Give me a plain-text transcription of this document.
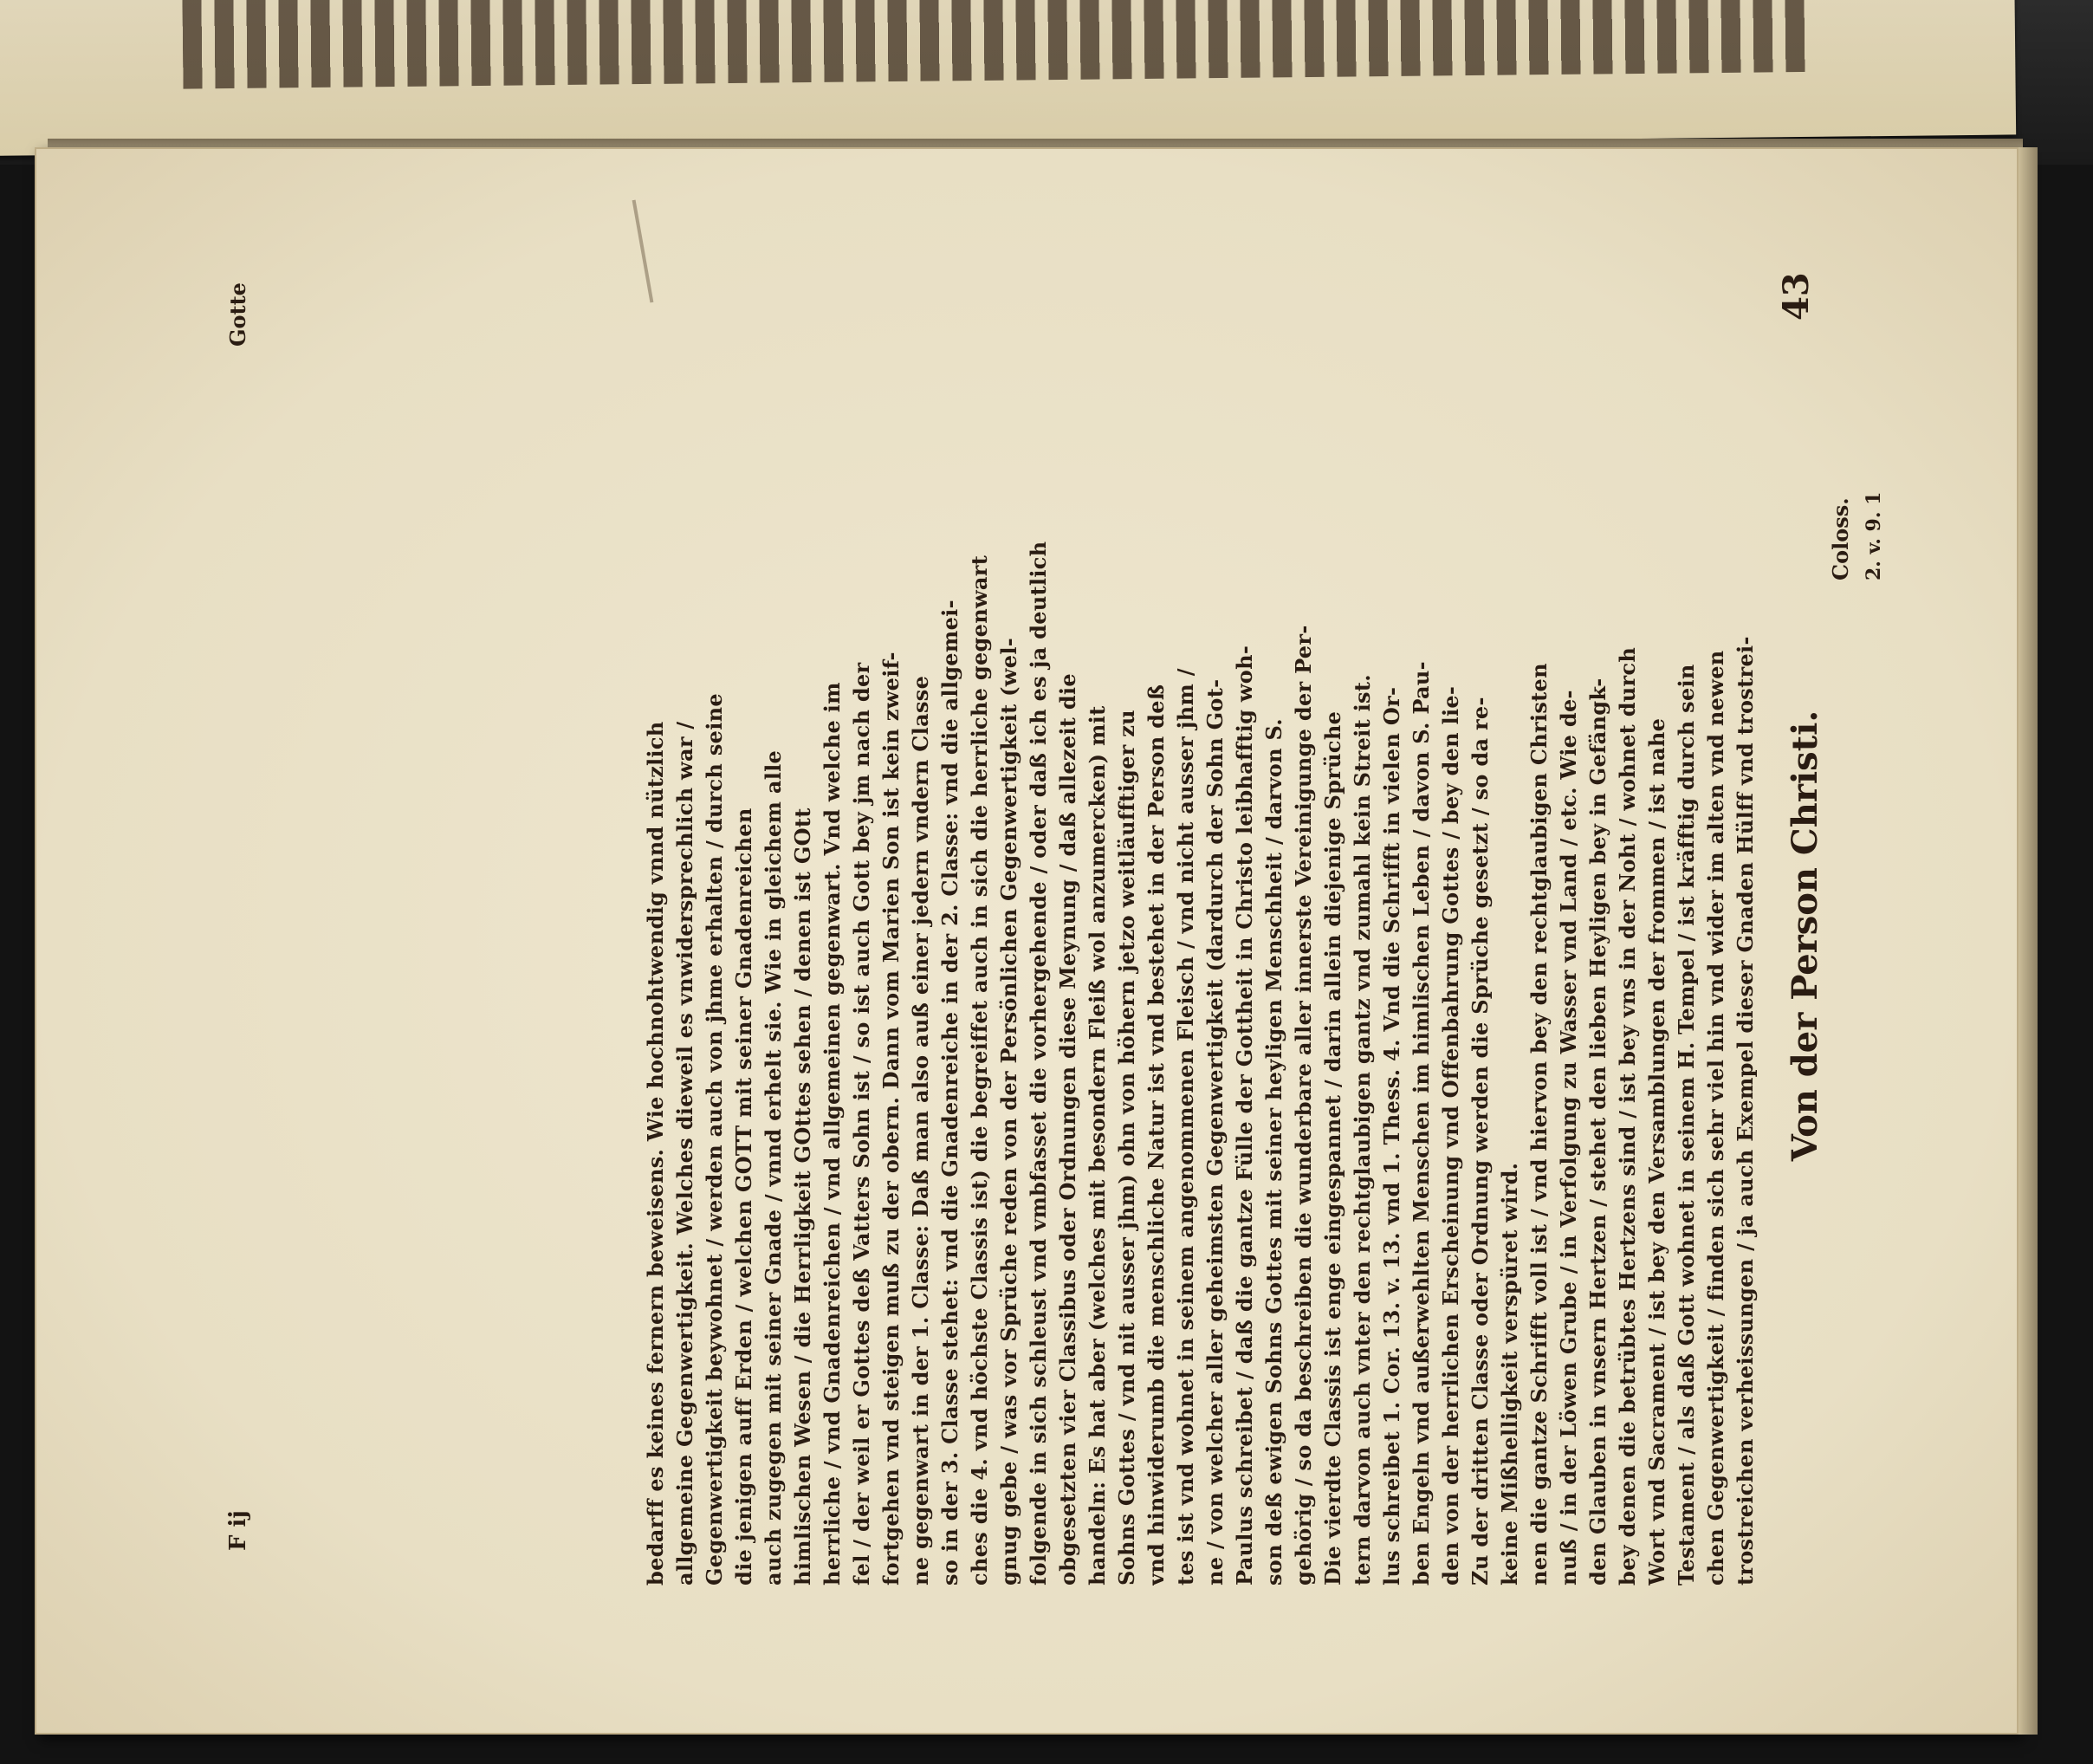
F ij
Gotte
bedarff es keines fernern beweisens. Wie hochnohtwendig vnnd nützlich allgemeine Gegenwertigkeit. Welches dieweil es vnwidersprechlich war / Gegenwertigkeit beywohnet / werden auch von jhme erhalten / durch seine die jenigen auff Erden / welchen GOTT mit seiner Gnadenreichen auch zugegen mit seiner Gnade / vnnd erhelt sie. Wie in gleichem alle himlischen Wesen / die Herrligkeit GOttes sehen / denen ist GOtt herrliche / vnd Gnadenreichen / vnd allgemeinen gegenwart. Vnd welche im fel / der weil er Gottes deß Vatters Sohn ist / so ist auch Gott bey jm nach der fortgehen vnd steigen muß zu der obern. Dann vom Marien Son ist kein zweif- ne gegenwart in der 1. Classe: Daß man also auß einer jedern vndern Classe so in der 3. Classe stehet: vnd die Gnadenreiche in der 2. Classe: vnd die allgemei- ches die 4. vnd höchste Classis ist) die begreiffet auch in sich die herrliche gegenwart gnug gebe / was vor Sprüche reden von der Persönlichen Gegenwertigkeit (wel- folgende in sich schleust vnd vmbfasset die vorhergehende / oder daß ich es ja deutlich obgesetzten vier Classibus oder Ordnungen diese Meynung / daß allezeit die handeln: Es hat aber (welches mit besondern Fleiß wol anzumercken) mit Sohns Gottes / vnd nit ausser jhm) ohn von höhern jetzo weitläufftiger zu vnd hinwiderumb die menschliche Natur ist vnd bestehet in der Person deß tes ist vnd wohnet in seinem angenommenen Fleisch / vnd nicht ausser jhm / ne / von welcher aller geheimsten Gegenwertigkeit (dardurch der Sohn Got- Paulus schreibet / daß die gantze Fülle der Gottheit in Christo leibhafftig woh- son deß ewigen Sohns Gottes mit seiner heyligen Menschheit / darvon S. gehörig / so da beschreiben die wunderbare aller innerste Vereinigunge der Per- Die vierdte Classis ist enge eingespannet / darin allein diejenige Sprüche tern darvon auch vnter den rechtglaubigen gantz vnd zumahl kein Streit ist. lus schreibet 1. Cor. 13. v. 13. vnd 1. Thess. 4. Vnd die Schrifft in vielen Or- ben Engeln vnd außerwehlten Menschen im himlischen Leben / davon S. Pau- den von der herrlichen Erscheinung vnd Offenbahrung Gottes / bey den lie- Zu der dritten Classe oder Ordnung werden die Sprüche gesetzt / so da re- keine Mißhelligkeit verspüret wird. nen die gantze Schrifft voll ist / vnd hiervon bey den rechtglaubigen Christen nuß / in der Löwen Grube / in Verfolgung zu Wasser vnd Land / etc. Wie de- den Glauben in vnsern Hertzen / stehet den lieben Heyligen bey in Gefängk- bey denen die betrübtes Hertzens sind / ist bey vns in der Noht / wohnet durch Wort vnd Sacrament / ist bey den Versamblungen der frommen / ist nahe Testament / als daß Gott wohnet in seinem H. Tempel / ist kräfftig durch sein chen Gegenwertigkeit / finden sich sehr viel hin vnd wider im alten vnd newen trostreichen verheissungen / ja auch Exempel dieser Gnaden Hülff vnd trostrei- Von der Person Christi.
43
Coloss. 2. v. 9. 1
